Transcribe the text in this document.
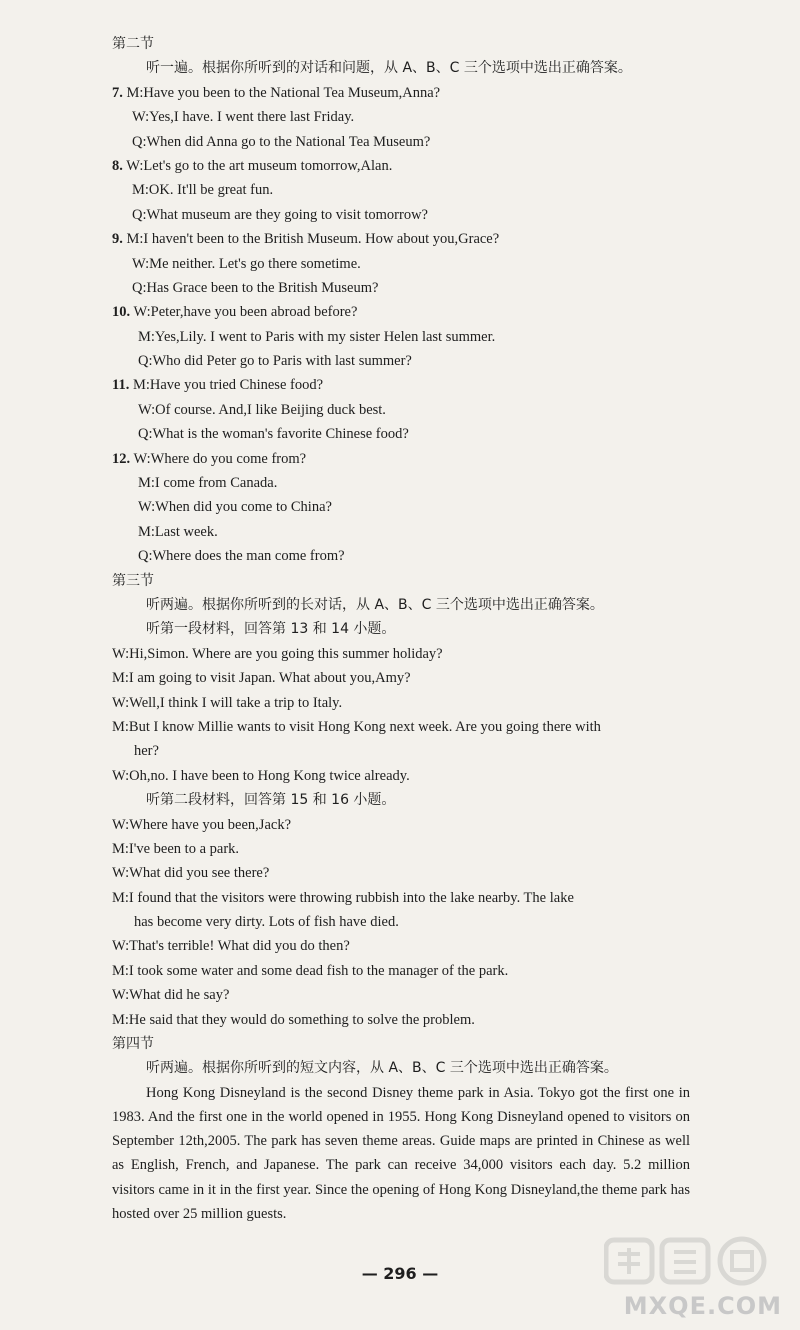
第二节
听一遍。根据你所听到的对话和问题，从 A、B、C 三个选项中选出正确答案。
7. M:Have you been to the National Tea Museum,Anna?
W:Yes,I have. I went there last Friday.
Q:When did Anna go to the National Tea Museum?
8. W:Let's go to the art museum tomorrow,Alan.
M:OK. It'll be great fun.
Q:What museum are they going to visit tomorrow?
9. M:I haven't been to the British Museum. How about you,Grace?
W:Me neither. Let's go there sometime.
Q:Has Grace been to the British Museum?
10. W:Peter,have you been abroad before?
M:Yes,Lily. I went to Paris with my sister Helen last summer.
Q:Who did Peter go to Paris with last summer?
11. M:Have you tried Chinese food?
W:Of course. And,I like Beijing duck best.
Q:What is the woman's favorite Chinese food?
12. W:Where do you come from?
M:I come from Canada.
W:When did you come to China?
M:Last week.
Q:Where does the man come from?
第三节
听两遍。根据你所听到的长对话，从 A、B、C 三个选项中选出正确答案。
听第一段材料，回答第 13 和 14 小题。
W:Hi,Simon. Where are you going this summer holiday?
M:I am going to visit Japan. What about you,Amy?
W:Well,I think I will take a trip to Italy.
M:But I know Millie wants to visit Hong Kong next week. Are you going there with
her?
W:Oh,no. I have been to Hong Kong twice already.
听第二段材料，回答第 15 和 16 小题。
W:Where have you been,Jack?
M:I've been to a park.
W:What did you see there?
M:I found that the visitors were throwing rubbish into the lake nearby. The lake
has become very dirty. Lots of fish have died.
W:That's terrible! What did you do then?
M:I took some water and some dead fish to the manager of the park.
W:What did he say?
M:He said that they would do something to solve the problem.
第四节
听两遍。根据你所听到的短文内容，从 A、B、C 三个选项中选出正确答案。

Hong Kong Disneyland is the second Disney theme park in Asia. Tokyo got the first one in 1983. And the first one in the world opened in 1955. Hong Kong Disneyland opened to visitors on September 12th,2005. The park has seven theme areas. Guide maps are printed in Chinese as well as English, French, and Japanese. The park can receive 34,000 visitors each day. 5.2 million visitors came in it in the first year. Since the opening of Hong Kong Disneyland,the theme park has hosted over 25 million guests.

— 296 —
MXQE.COM
